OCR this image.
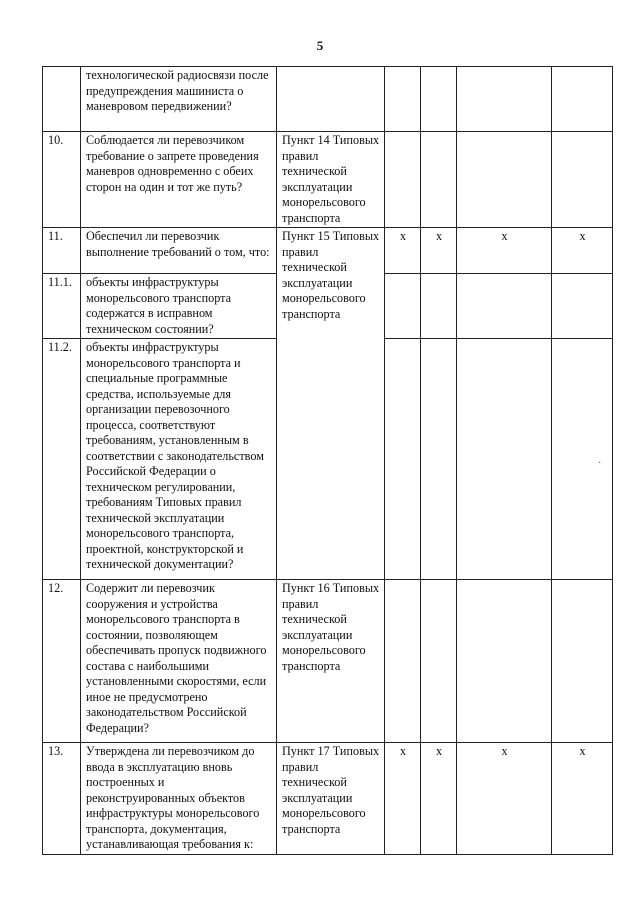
5
	технологической радиосвязи после предупреждения машиниста о маневровом передвижении?					
10.	Соблюдается ли перевозчиком требование о запрете проведения маневров одновременно с обеих сторон на один и тот же путь?	Пункт 14 Типовых правил технической эксплуатации монорельсового транспорта				
11.	Обеспечил ли перевозчик выполнение требований о том, что:	Пункт 15 Типовых правил технической эксплуатации монорельсового транспорта	x	x	x	x
11.1.	объекты инфраструктуры монорельсового транспорта содержатся в исправном техническом состоянии?					
11.2.	объекты инфраструктуры монорельсового транспорта и специальные программные средства, используемые для организации перевозочного процесса, соответствуют требованиям, установленным в соответствии с законодательством Российской Федерации о техническом регулировании, требованиям Типовых правил технической эксплуатации монорельсового транспорта, проектной, конструкторской и технической документации?					
12.	Содержит ли перевозчик сооружения и устройства монорельсового транспорта в состоянии, позволяющем обеспечивать пропуск подвижного состава с наибольшими установленными скоростями, если иное не предусмотрено законодательством Российской Федерации?	Пункт 16 Типовых правил технической эксплуатации монорельсового транспорта				
13.	Утверждена ли перевозчиком до ввода в эксплуатацию вновь построенных и реконструированных объектов инфраструктуры монорельсового транспорта, документация, устанавливающая требования к:	Пункт 17 Типовых правил технической эксплуатации монорельсового транспорта	x	x	x	x
·
